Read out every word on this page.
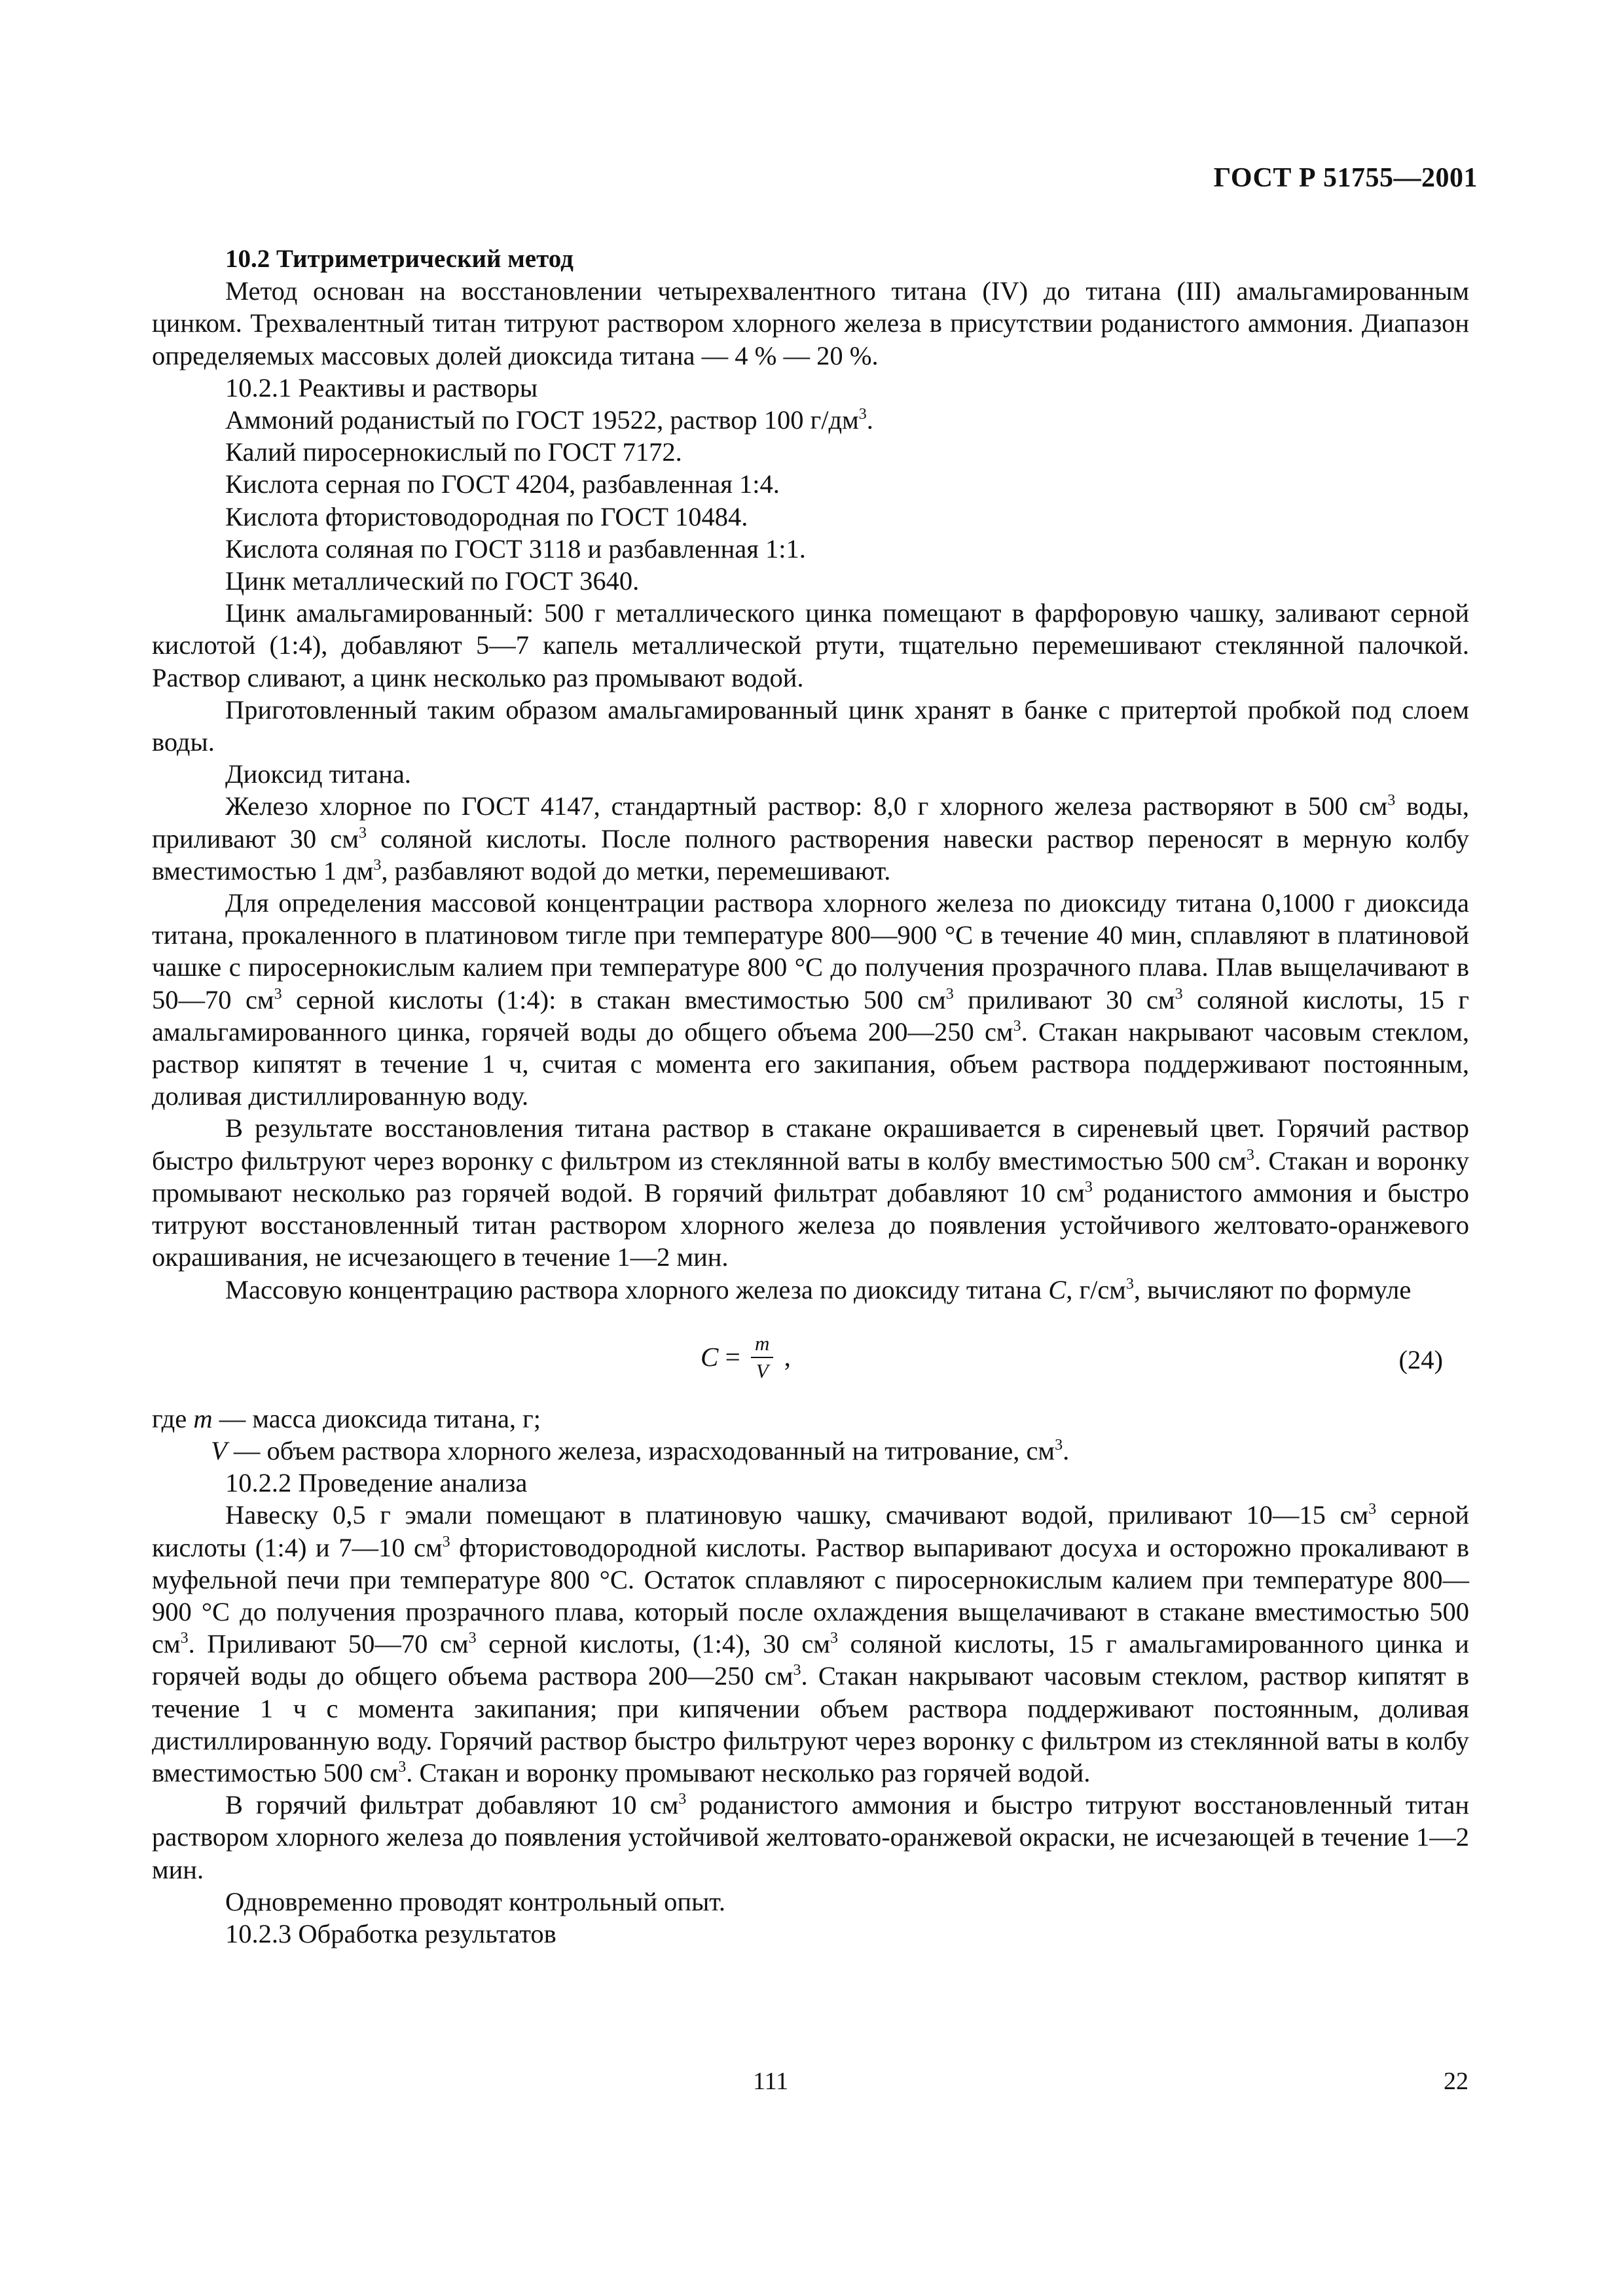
ГОСТ Р 51755—2001

10.2 Титриметрический метод

Метод основан на восстановлении четырехвалентного титана (IV) до титана (III) амальгамированным цинком. Трехвалентный титан титруют раствором хлорного железа в присутствии роданистого аммония. Диапазон определяемых массовых долей диоксида титана — 4 % — 20 %.

10.2.1 Реактивы и растворы

Аммоний роданистый по ГОСТ 19522, раствор 100 $г/дм^3$.

Калий пиросернокислый по ГОСТ 7172.

Кислота серная по ГОСТ 4204, разбавленная 1:4.

Кислота фтористоводородная по ГОСТ 10484.

Кислота соляная по ГОСТ 3118 и разбавленная 1:1.

Цинк металлический по ГОСТ 3640.

Цинк амальгамированный: 500 г металлического цинка помещают в фарфоровую чашку, заливают серной кислотой (1:4), добавляют 5—7 капель металлической ртути, тщательно перемешивают стеклянной палочкой. Раствор сливают, а цинк несколько раз промывают водой.

Приготовленный таким образом амальгамированный цинк хранят в банке с притертой пробкой под слоем воды.

Диоксид титана.

Железо хлорное по ГОСТ 4147, стандартный раствор: 8,0 г хлорного железа растворяют в 500 $см^3$ воды, приливают 30 $см^3$ соляной кислоты. После полного растворения навески раствор переносят в мерную колбу вместимостью 1 $дм^3$, разбавляют водой до метки, перемешивают.

Для определения массовой концентрации раствора хлорного железа по диоксиду титана 0,1000 г диоксида титана, прокаленного в платиновом тигле при температуре 800—900 °С в течение 40 мин, сплавляют в платиновой чашке с пиросернокислым калием при температуре 800 °С до получения прозрачного плава. Плав выщелачивают в 50—70 $см^3$ серной кислоты (1:4): в стакан вместимостью 500 $см^3$ приливают 30 $см^3$ соляной кислоты, 15 г амальгамированного цинка, горячей воды до общего объема 200—250 $см^3$. Стакан накрывают часовым стеклом, раствор кипятят в течение 1 ч, считая с момента его закипания, объем раствора поддерживают постоянным, доливая дистиллированную воду.

В результате восстановления титана раствор в стакане окрашивается в сиреневый цвет. Горячий раствор быстро фильтруют через воронку с фильтром из стеклянной ваты в колбу вместимостью 500 $см^3$. Стакан и воронку промывают несколько раз горячей водой. В горячий фильтрат добавляют 10 $см^3$ роданистого аммония и быстро титруют восстановленный титан раствором хлорного железа до появления устойчивого желтовато-оранжевого окрашивания, не исчезающего в течение 1—2 мин.

Массовую концентрацию раствора хлорного железа по диоксиду титана C, $г/см^3$, вычисляют по формуле

$C = \frac{m}{V}$ ,	(24)

где m — масса диоксида титана, г;

V — объем раствора хлорного железа, израсходованный на титрование, $см^3$.

10.2.2 Проведение анализа

Навеску 0,5 г эмали помещают в платиновую чашку, смачивают водой, приливают 10—15 $см^3$ серной кислоты (1:4) и 7—10 $см^3$ фтористоводородной кислоты. Раствор выпаривают досуха и осторожно прокаливают в муфельной печи при температуре 800 °С. Остаток сплавляют с пиросернокислым калием при температуре 800—900 °С до получения прозрачного плава, который после охлаждения выщелачивают в стакане вместимостью 500 $см^3$. Приливают 50—70 $см^3$ серной кислоты, (1:4), 30 $см^3$ соляной кислоты, 15 г амальгамированного цинка и горячей воды до общего объема раствора 200—250 $см^3$. Стакан накрывают часовым стеклом, раствор кипятят в течение 1 ч с момента закипания; при кипячении объем раствора поддерживают постоянным, доливая дистиллированную воду. Горячий раствор быстро фильтруют через воронку с фильтром из стеклянной ваты в колбу вместимостью 500 $см^3$. Стакан и воронку промывают несколько раз горячей водой.

В горячий фильтрат добавляют 10 $см^3$ роданистого аммония и быстро титруют восстановленный титан раствором хлорного железа до появления устойчивой желтовато-оранжевой окраски, не исчезающей в течение 1—2 мин.

Одновременно проводят контрольный опыт.

10.2.3 Обработка результатов

111	22
